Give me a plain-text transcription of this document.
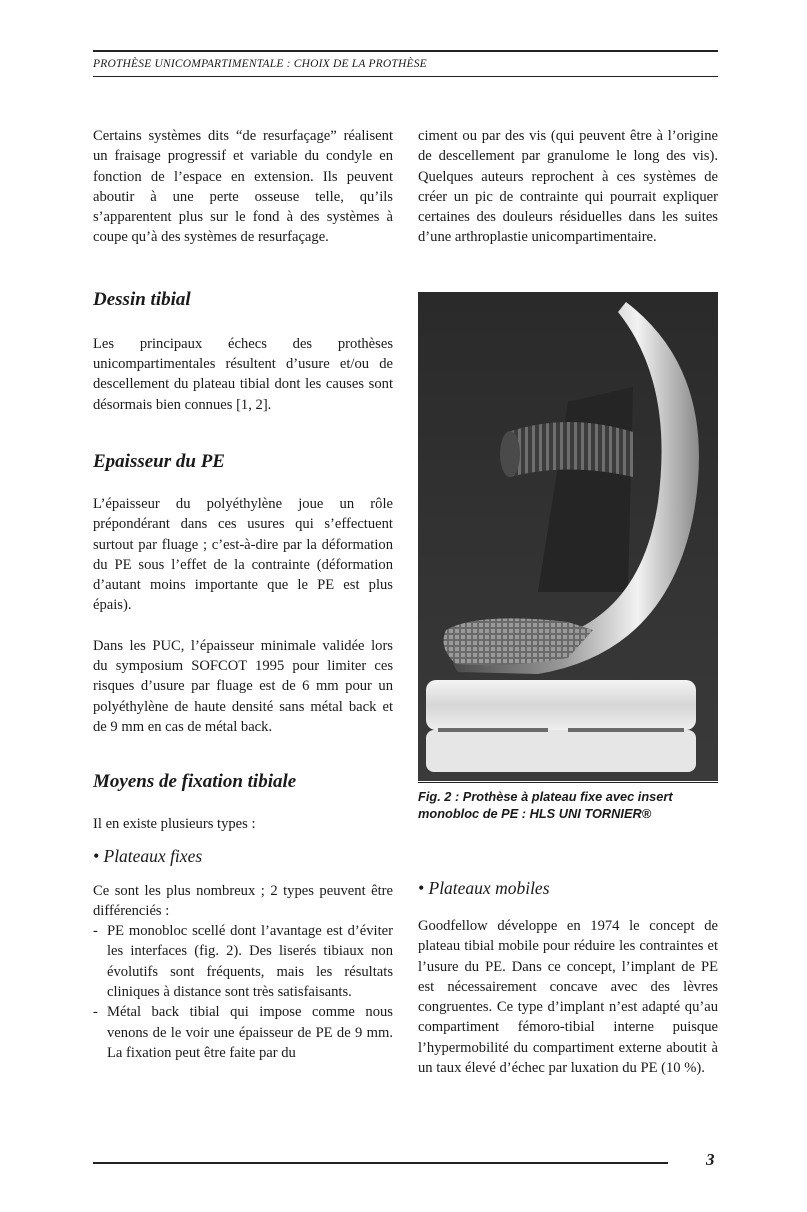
PROTHÈSE UNICOMPARTIMENTALE : CHOIX DE LA PROTHÈSE

Certains systèmes dits “de resurfaçage” réalisent un fraisage progressif et variable du condyle en fonction de l’espace en extension. Ils peuvent aboutir à une perte osseuse telle, qu’ils s’apparentent plus sur le fond à des systèmes à coupe qu’à des systèmes de resurfaçage.

Dessin tibial

Les principaux échecs des prothèses unicompartimentales résultent d’usure et/ou de descellement du plateau tibial dont les causes sont désormais bien connues [1, 2].

Epaisseur du PE

L’épaisseur du polyéthylène joue un rôle prépondérant dans ces usures qui s’effectuent surtout par fluage ; c’est-à-dire par la déformation du PE sous l’effet de la contrainte (déformation d’autant moins importante que le PE est plus épais).

Dans les PUC, l’épaisseur minimale validée lors du symposium SOFCOT 1995 pour limiter ces risques d’usure par fluage est de 6 mm pour un polyéthylène de haute densité sans métal back et de 9 mm en cas de métal back.

Moyens de fixation tibiale

Il en existe plusieurs types :

• Plateaux fixes

Ce sont les plus nombreux ; 2 types peuvent être différenciés :

- PE monobloc scellé dont l’avantage est d’éviter les interfaces (fig. 2). Des liserés tibiaux non évolutifs sont fréquents, mais les résultats cliniques à distance sont très satisfaisants.
- Métal back tibial qui impose comme nous venons de le voir une épaisseur de PE de 9 mm. La fixation peut être faite par du

ciment ou par des vis (qui peuvent être à l’origine de descellement par granulome le long des vis). Quelques auteurs reprochent à ces systèmes de créer un pic de contrainte qui pourrait expliquer certaines des douleurs résiduelles dans les suites d’une arthroplastie unicompartimentaire.

Fig. 2 : Prothèse à plateau fixe avec insert monobloc de PE : HLS UNI TORNIER®
• Plateaux mobiles

Goodfellow développe en 1974 le concept de plateau tibial mobile pour réduire les contraintes et l’usure du PE. Dans ce concept, l’implant de PE est nécessairement concave avec des lèvres congruentes. Ce type d’implant n’est adapté qu’au compartiment fémoro-tibial interne puisque l’hypermobilité du compartiment externe aboutit à un taux élevé d’échec par luxation du PE (10 %).

3
